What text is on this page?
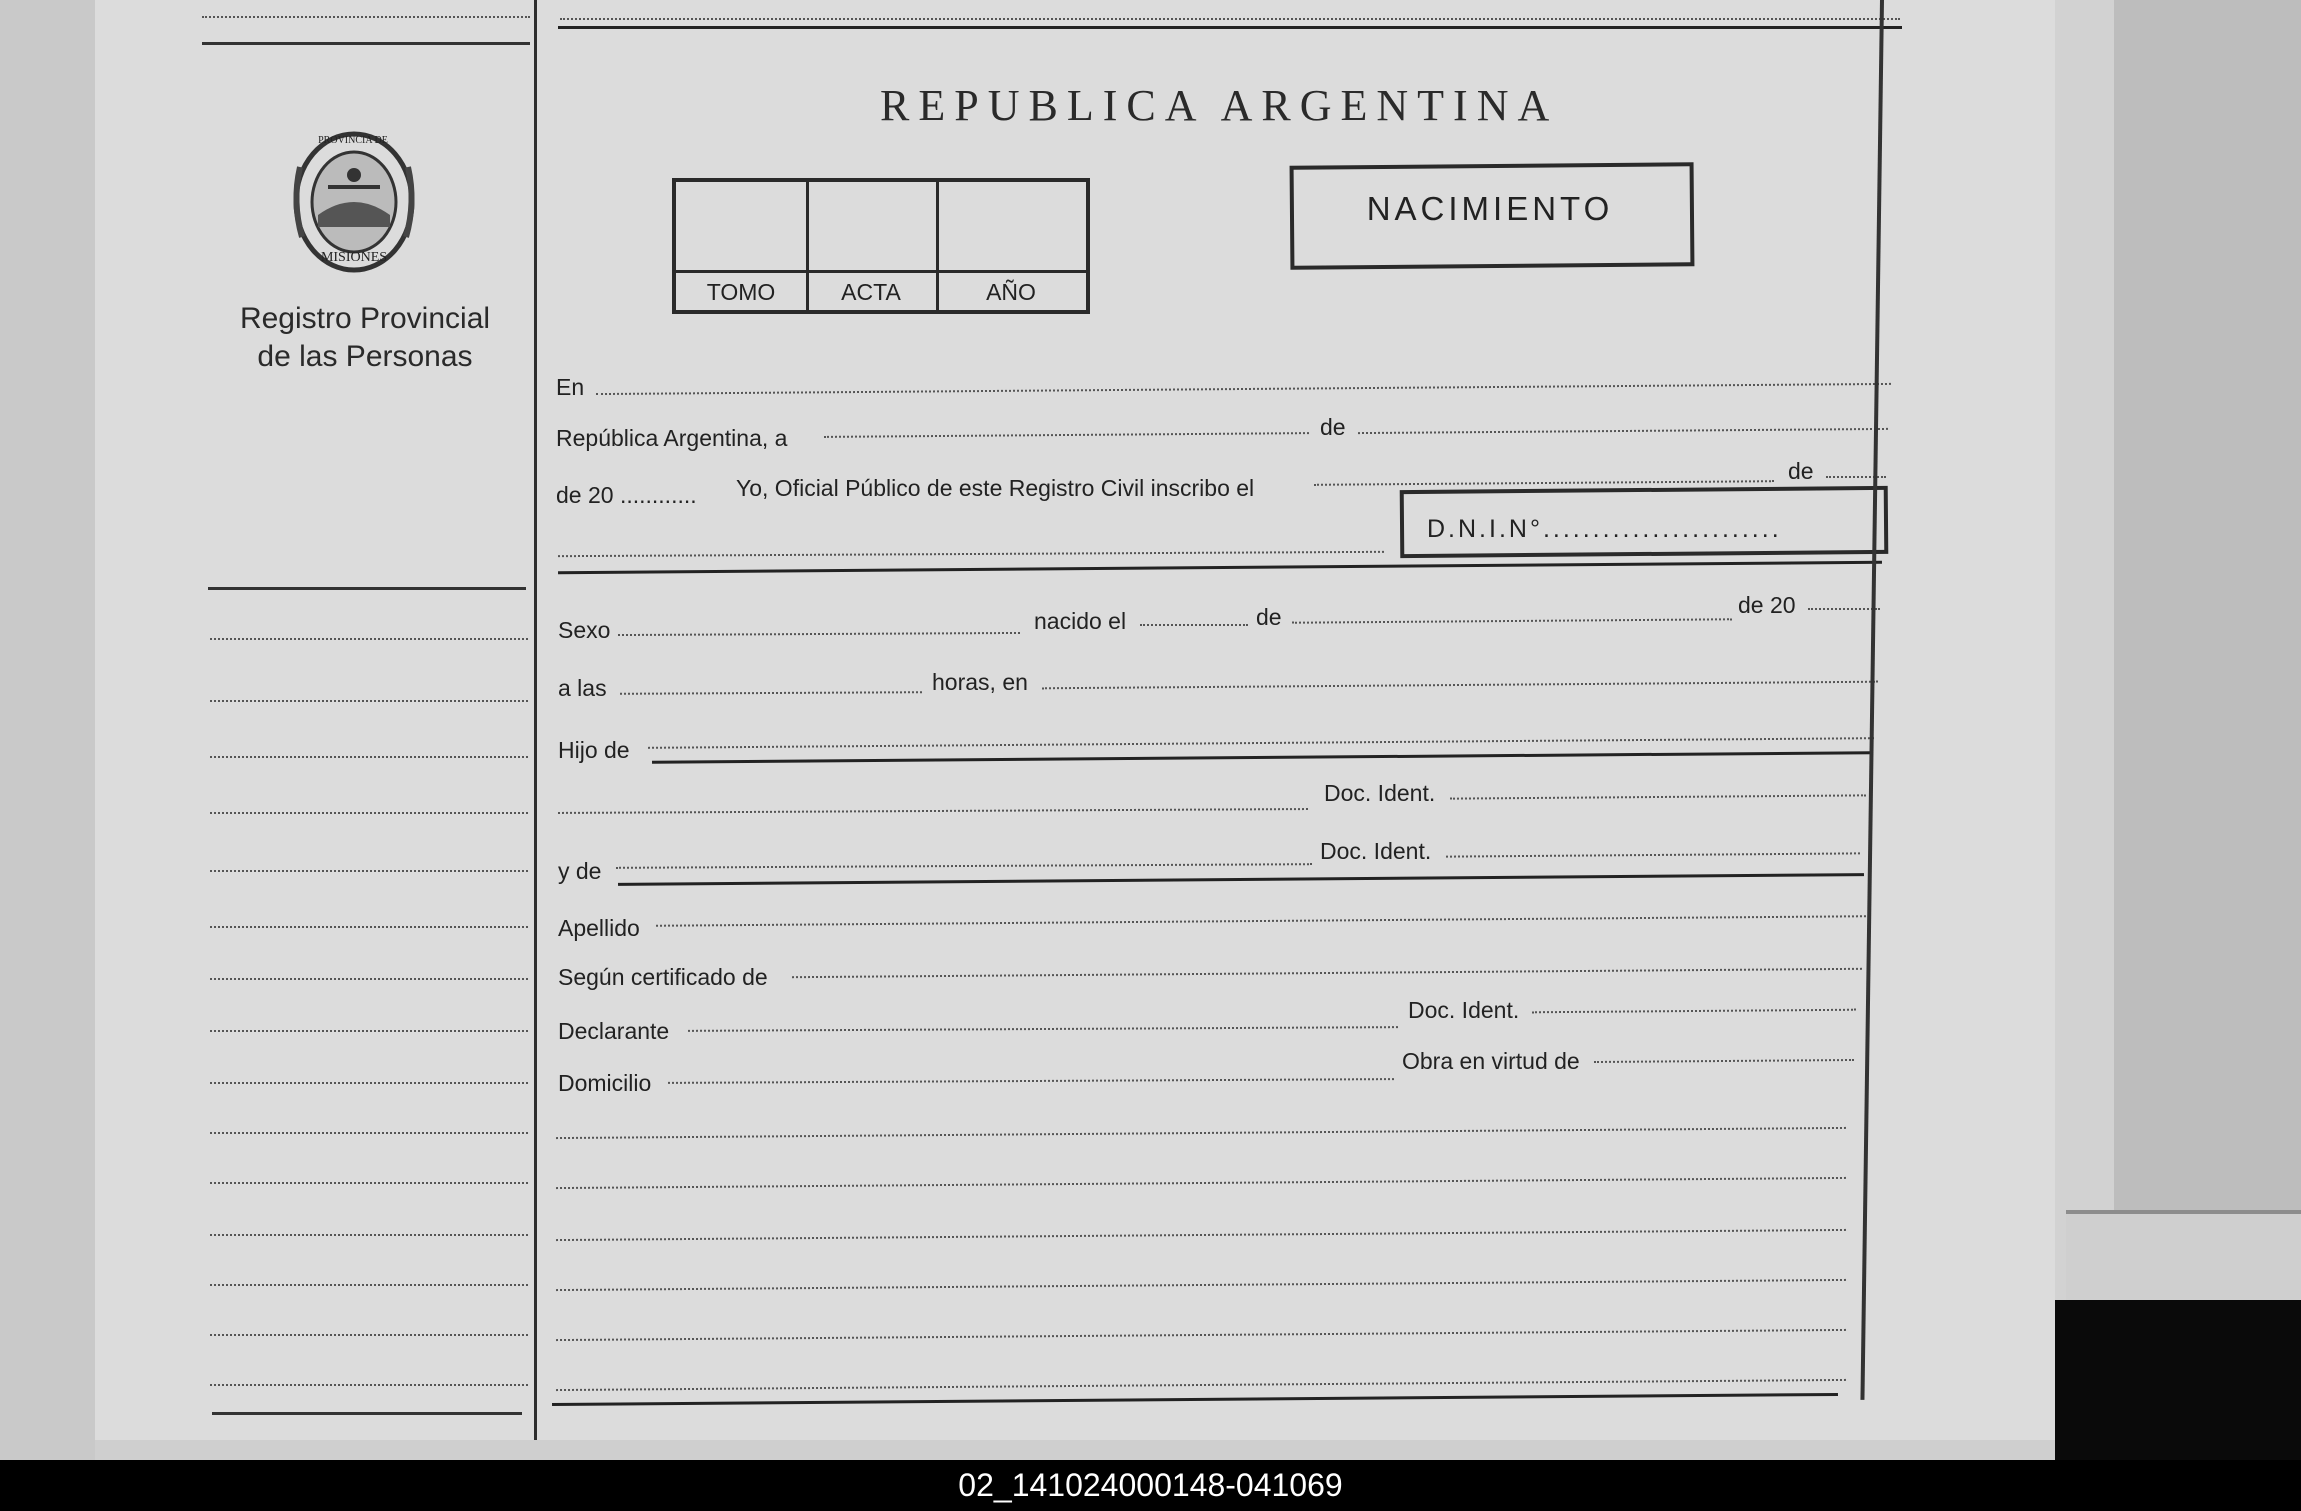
PROVINCIA DE
MISIONES
Registro Provincial
de las Personas
REPUBLICA ARGENTINA
TOMO	ACTA	AÑO
NACIMIENTO
En
República Argentina, a	de
de 20 ............ Yo, Oficial Público de este Registro Civil inscribo el
de
D.N.I.N°........................
Sexo	nacido el	de	de 20
a las	horas, en
Hijo de
Doc. Ident.
y de
Doc. Ident.
Apellido
Según certificado de
Declarante
Doc. Ident.
Domicilio
Obra en virtud de
02_141024000148-041069
